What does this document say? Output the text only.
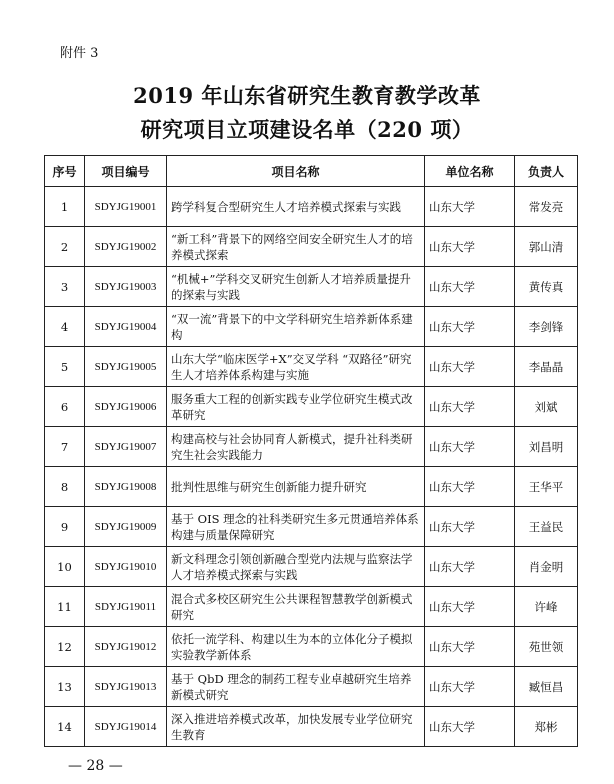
附件 3
2019 年山东省研究生教育教学改革
研究项目立项建设名单（220 项）
序号	项目编号	项目名称	单位名称	负责人
1	SDYJG19001	跨学科复合型研究生人才培养模式探索与实践	山东大学	常发亮
2	SDYJG19002	“新工科”背景下的网络空间安全研究生人才的培养模式探索	山东大学	郭山清
3	SDYJG19003	“机械+”学科交叉研究生创新人才培养质量提升的探索与实践	山东大学	黄传真
4	SDYJG19004	“双一流”背景下的中文学科研究生培养新体系建构	山东大学	李剑锋
5	SDYJG19005	山东大学“临床医学+X”交叉学科 “双路径”研究生人才培养体系构建与实施	山东大学	李晶晶
6	SDYJG19006	服务重大工程的创新实践专业学位研究生模式改革研究	山东大学	刘斌
7	SDYJG19007	构建高校与社会协同育人新模式，提升社科类研究生社会实践能力	山东大学	刘昌明
8	SDYJG19008	批判性思维与研究生创新能力提升研究	山东大学	王华平
9	SDYJG19009	基于 OIS 理念的社科类研究生多元贯通培养体系构建与质量保障研究	山东大学	王益民
10	SDYJG19010	新文科理念引领创新融合型党内法规与监察法学人才培养模式探索与实践	山东大学	肖金明
11	SDYJG19011	混合式多校区研究生公共课程智慧教学创新模式研究	山东大学	许峰
12	SDYJG19012	依托一流学科、构建以生为本的立体化分子模拟实验教学新体系	山东大学	苑世领
13	SDYJG19013	基于 QbD 理念的制药工程专业卓越研究生培养新模式研究	山东大学	臧恒昌
14	SDYJG19014	深入推进培养模式改革，加快发展专业学位研究生教育	山东大学	郑彬
— 28 —
